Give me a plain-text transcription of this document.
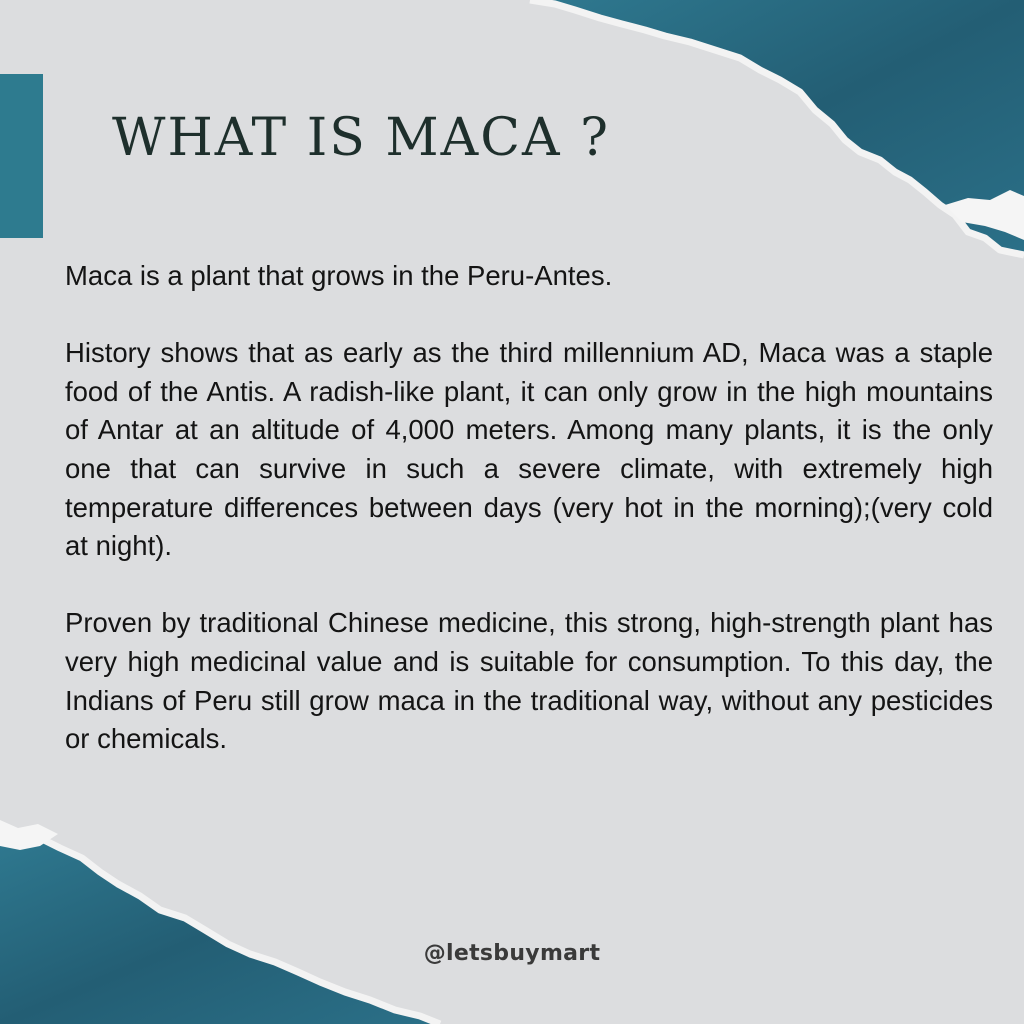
WHAT IS MACA ?

Maca is a plant that grows in the Peru-Antes.

History shows that as early as the third millennium AD, Maca was a staple food of the Antis. A radish-like plant, it can only grow in the high mountains of Antar at an altitude of 4,000 meters. Among many plants, it is the only one that can survive in such a severe climate, with extremely high temperature differences between days (very hot in the morning);(very cold at night).

Proven by traditional Chinese medicine, this strong, high-strength plant has very high medicinal value and is suitable for consumption. To this day, the Indians of Peru still grow maca in the traditional way, without any pesticides or chemicals.

@letsbuymart
